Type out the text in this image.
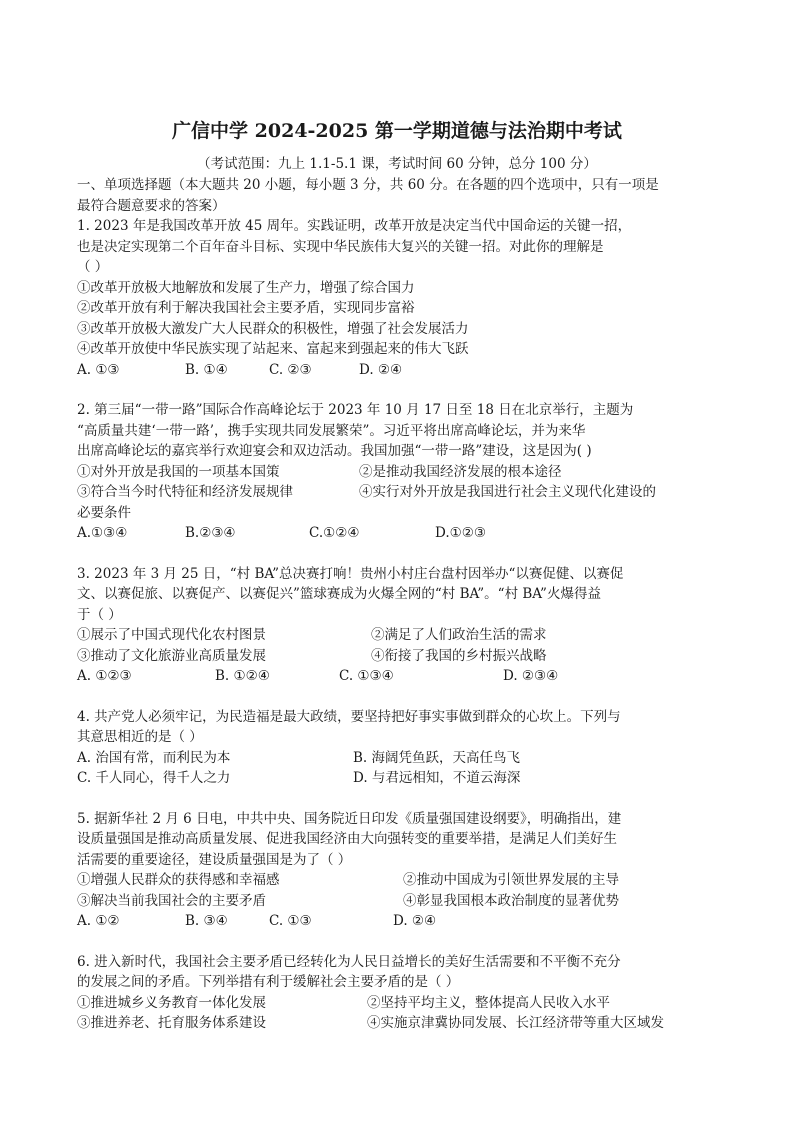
广信中学 2024-2025 第一学期道德与法治期中考试
（考试范围：九上 1.1-5.1 课，考试时间 60 分钟，总分 100 分）
一、单项选择题（本大题共 20 小题，每小题 3 分，共 60 分。在各题的四个选项中，只有一项是
最符合题意要求的答案）
1. 2023 年是我国改革开放 45 周年。实践证明，改革开放是决定当代中国命运的关键一招，
也是决定实现第二个百年奋斗目标、实现中华民族伟大复兴的关键一招。对此你的理解是
（ ）
①改革开放极大地解放和发展了生产力，增强了综合国力
②改革开放有利于解决我国社会主要矛盾，实现同步富裕
③改革开放极大激发广大人民群众的积极性，增强了社会发展活力
④改革开放使中华民族实现了站起来、富起来到强起来的伟大飞跃
A. ①③	B. ①④	C. ②③	D. ②④
2. 第三届“一带一路”国际合作高峰论坛于 2023 年 10 月 17 日至 18 日在北京举行，主题为
“高质量共建‘一带一路’，携手实现共同发展繁荣”。习近平将出席高峰论坛，并为来华
出席高峰论坛的嘉宾举行欢迎宴会和双边活动。我国加强“一带一路”建设，这是因为( )
①对外开放是我国的一项基本国策	②是推动我国经济发展的根本途径
③符合当今时代特征和经济发展规律	④实行对外开放是我国进行社会主义现代化建设的
必要条件
A.①③④	B.②③④	C.①②④	D.①②③
3. 2023 年 3 月 25 日，“村 BA”总决赛打响！贵州小村庄台盘村因举办“以赛促健、以赛促
文、以赛促旅、以赛促产、以赛促兴”篮球赛成为火爆全网的“村 BA”。“村 BA”火爆得益
于（ ）
①展示了中国式现代化农村图景	②满足了人们政治生活的需求
③推动了文化旅游业高质量发展	④衔接了我国的乡村振兴战略
A. ①②③	B. ①②④	C. ①③④	D. ②③④
4. 共产党人必须牢记，为民造福是最大政绩，要坚持把好事实事做到群众的心坎上。下列与
其意思相近的是（ ）
A. 治国有常，而利民为本	B. 海阔凭鱼跃，天高任鸟飞
C. 千人同心，得千人之力	D. 与君远相知，不道云海深
5. 据新华社 2 月 6 日电，中共中央、国务院近日印发《质量强国建设纲要》，明确指出，建
设质量强国是推动高质量发展、促进我国经济由大向强转变的重要举措，是满足人们美好生
活需要的重要途径，建设质量强国是为了（ ）
①增强人民群众的获得感和幸福感	②推动中国成为引领世界发展的主导
③解决当前我国社会的主要矛盾	④彰显我国根本政治制度的显著优势
A. ①②	B. ③④	C. ①③	D. ②④
6. 进入新时代，我国社会主要矛盾已经转化为人民日益增长的美好生活需要和不平衡不充分
的发展之间的矛盾。下列举措有利于缓解社会主要矛盾的是（ ）
①推进城乡义务教育一体化发展	②坚持平均主义，整体提高人民收入水平
③推进养老、托育服务体系建设	④实施京津冀协同发展、长江经济带等重大区域发
